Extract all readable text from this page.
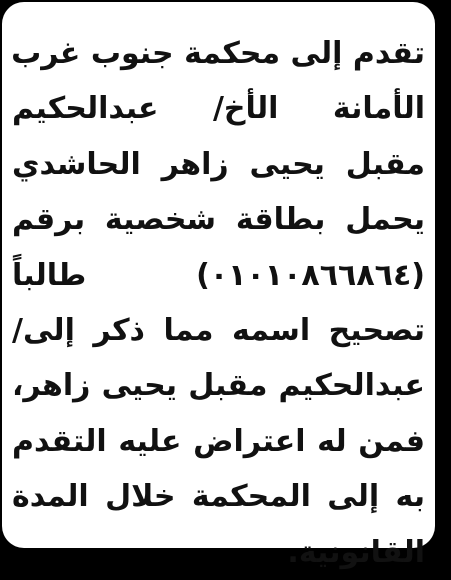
تقدم إلى محكمة جنوب غرب
الأمانة الأخ/ عبدالحكيم
مقبل يحيى زاهر الحاشدي
يحمل بطاقة شخصية برقم
(٠١٠١٠٨٦٦٨٦٤) طالباً
تصحيح اسمه مما ذكر إلى/
عبدالحكيم مقبل يحيى زاهر،
فمن له اعتراض عليه التقدم
به إلى المحكمة خلال المدة
القانونية.
